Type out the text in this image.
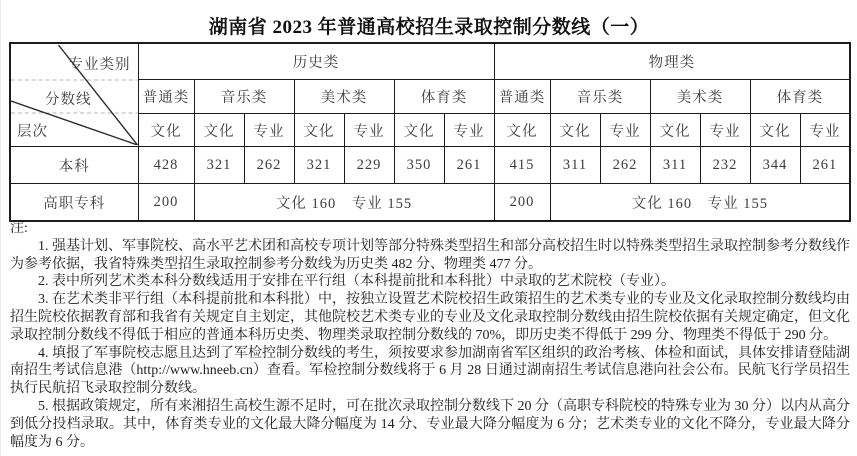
湖南省 2023 年普通高校招生录取控制分数线（一）
专业类别
分数线
层次	历史类							物理类						
	普通类	音乐类		美术类		体育类		普通类	音乐类		美术类		体育类	
	文化	文化	专业	文化	专业	文化	专业	文化	文化	专业	文化	专业	文化	专业
本科	428	321	262	321	229	350	261	415	311	262	311	232	344	261
高职专科	200	文化 160　专业 155						200	文化 160　专业 155					
注:

1. 强基计划、军事院校、高水平艺术团和高校专项计划等部分特殊类型招生和部分高校招生时以特殊类型招生录取控制参考分数线作为参考依据，我省特殊类型招生录取控制参考分数线为历史类 482 分、物理类 477 分。

2. 表中所列艺术类本科分数线适用于安排在平行组（本科提前批和本科批）中录取的艺术院校（专业）。

3. 在艺术类非平行组（本科提前批和本科批）中，按独立设置艺术院校招生政策招生的艺术类专业的专业及文化录取控制分数线均由招生院校依据教育部和我省有关规定自主划定，其他院校艺术类专业的专业及文化录取控制分数线由招生院校依据有关规定确定，但文化录取控制分数线不得低于相应的普通本科历史类、物理类录取控制分数线的 70%，即历史类不得低于 299 分、物理类不得低于 290 分。

4. 填报了军事院校志愿且达到了军检控制分数线的考生，须按要求参加湖南省军区组织的政治考核、体检和面试，具体安排请登陆湖南招生考试信息港（http://www.hneeb.cn）查看。军检控制分数线将于 6 月 28 日通过湖南招生考试信息港向社会公布。民航飞行学员招生执行民航招飞录取控制分数线。

5. 根据政策规定，所有来湘招生高校生源不足时，可在批次录取控制分数线下 20 分（高职专科院校的特殊专业为 30 分）以内从高分到低分投档录取。其中，体育类专业的文化最大降分幅度为 14 分、专业最大降分幅度为 6 分；艺术类专业的文化不降分，专业最大降分幅度为 6 分。
